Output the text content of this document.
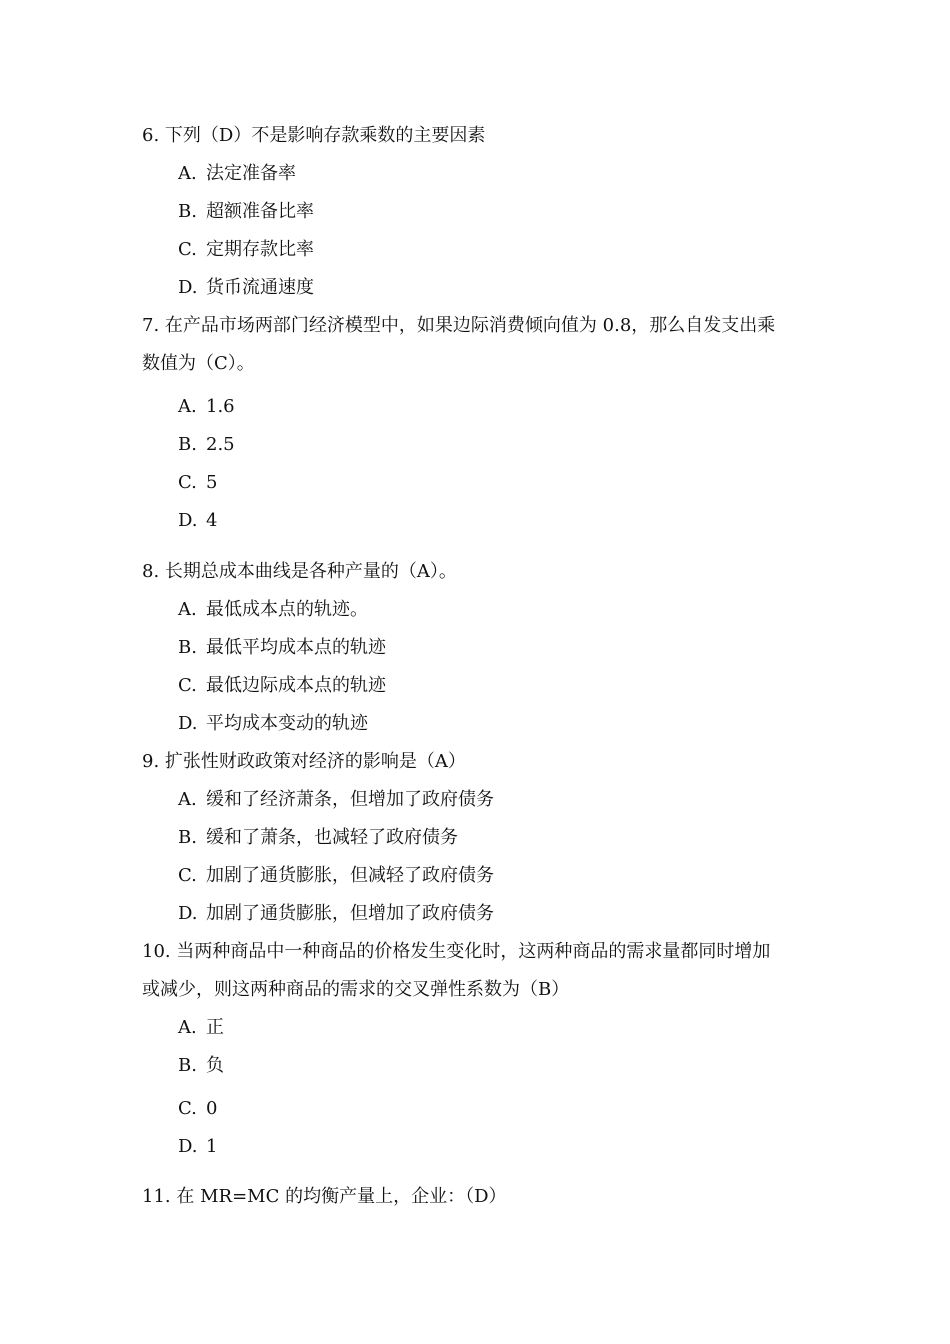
6. 下列（D）不是影响存款乘数的主要因素
A. 法定准备率
B. 超额准备比率
C. 定期存款比率
D. 货币流通速度
7. 在产品市场两部门经济模型中，如果边际消费倾向值为 0.8，那么自发支出乘
数值为（C）。
A. 1.6
B. 2.5
C. 5
D. 4
8. 长期总成本曲线是各种产量的（A）。
A. 最低成本点的轨迹。
B. 最低平均成本点的轨迹
C. 最低边际成本点的轨迹
D. 平均成本变动的轨迹
9. 扩张性财政政策对经济的影响是（A）
A. 缓和了经济萧条，但增加了政府债务
B. 缓和了萧条，也减轻了政府债务
C. 加剧了通货膨胀，但减轻了政府债务
D. 加剧了通货膨胀，但增加了政府债务
10. 当两种商品中一种商品的价格发生变化时，这两种商品的需求量都同时增加
或减少，则这两种商品的需求的交叉弹性系数为（B）
A. 正
B. 负
C. 0
D. 1
11. 在 MR=MC 的均衡产量上，企业：（D）
